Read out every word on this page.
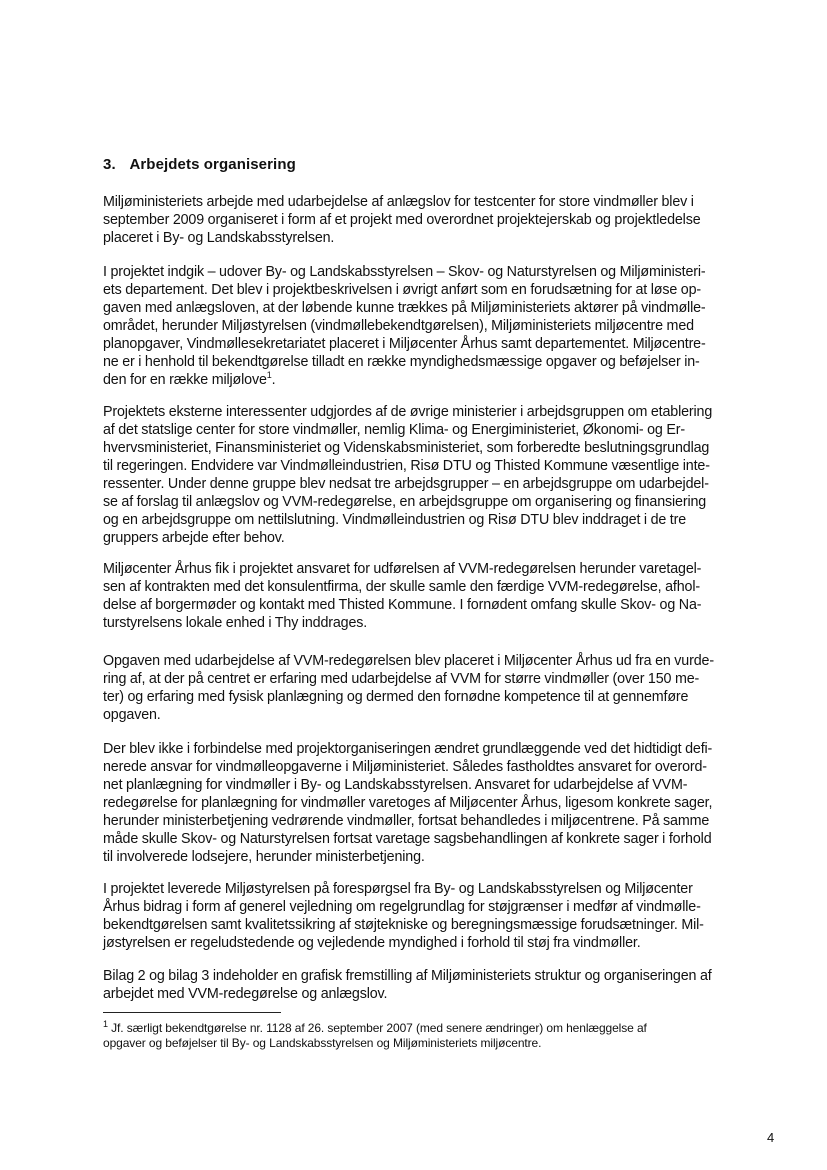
3. Arbejdets organisering

Miljøministeriets arbejde med udarbejdelse af anlægslov for testcenter for store vindmøller blev i
september 2009 organiseret i form af et projekt med overordnet projektejerskab og projektledelse
placeret i By- og Landskabsstyrelsen.

I projektet indgik – udover By- og Landskabsstyrelsen – Skov- og Naturstyrelsen og Miljøministeri-
ets departement. Det blev i projektbeskrivelsen i øvrigt anført som en forudsætning for at løse op-
gaven med anlægsloven, at der løbende kunne trækkes på Miljøministeriets aktører på vindmølle-
området, herunder Miljøstyrelsen (vindmøllebekendtgørelsen), Miljøministeriets miljøcentre med
planopgaver, Vindmøllesekretariatet placeret i Miljøcenter Århus samt departementet. Miljøcentre-
ne er i henhold til bekendtgørelse tilladt en række myndighedsmæssige opgaver og beføjelser in-
den for en række miljølove$^1$.

Projektets eksterne interessenter udgjordes af de øvrige ministerier i arbejdsgruppen om etablering
af det statslige center for store vindmøller, nemlig Klima- og Energiministeriet, Økonomi- og Er-
hvervsministeriet, Finansministeriet og Videnskabsministeriet, som forberedte beslutningsgrundlag
til regeringen. Endvidere var Vindmølleindustrien, Risø DTU og Thisted Kommune væsentlige inte-
ressenter. Under denne gruppe blev nedsat tre arbejdsgrupper – en arbejdsgruppe om udarbejdel-
se af forslag til anlægslov og VVM-redegørelse, en arbejdsgruppe om organisering og finansiering
og en arbejdsgruppe om nettilslutning. Vindmølleindustrien og Risø DTU blev inddraget i de tre
gruppers arbejde efter behov.

Miljøcenter Århus fik i projektet ansvaret for udførelsen af VVM-redegørelsen herunder varetagel-
sen af kontrakten med det konsulentfirma, der skulle samle den færdige VVM-redegørelse, afhol-
delse af borgermøder og kontakt med Thisted Kommune. I fornødent omfang skulle Skov- og Na-
turstyrelsens lokale enhed i Thy inddrages.

Opgaven med udarbejdelse af VVM-redegørelsen blev placeret i Miljøcenter Århus ud fra en vurde-
ring af, at der på centret er erfaring med udarbejdelse af VVM for større vindmøller (over 150 me-
ter) og erfaring med fysisk planlægning og dermed den fornødne kompetence til at gennemføre
opgaven.

Der blev ikke i forbindelse med projektorganiseringen ændret grundlæggende ved det hidtidigt defi-
nerede ansvar for vindmølleopgaverne i Miljøministeriet. Således fastholdtes ansvaret for overord-
net planlægning for vindmøller i By- og Landskabsstyrelsen. Ansvaret for udarbejdelse af VVM-
redegørelse for planlægning for vindmøller varetoges af Miljøcenter Århus, ligesom konkrete sager,
herunder ministerbetjening vedrørende vindmøller, fortsat behandledes i miljøcentrene. På samme
måde skulle Skov- og Naturstyrelsen fortsat varetage sagsbehandlingen af konkrete sager i forhold
til involverede lodsejere, herunder ministerbetjening.

I projektet leverede Miljøstyrelsen på forespørgsel fra By- og Landskabsstyrelsen og Miljøcenter
Århus bidrag i form af generel vejledning om regelgrundlag for støjgrænser i medfør af vindmølle-
bekendtgørelsen samt kvalitetssikring af støjtekniske og beregningsmæssige forudsætninger. Mil-
jøstyrelsen er regeludstedende og vejledende myndighed i forhold til støj fra vindmøller.

Bilag 2 og bilag 3 indeholder en grafisk fremstilling af Miljøministeriets struktur og organiseringen af
arbejdet med VVM-redegørelse og anlægslov.

$^1$ Jf. særligt bekendtgørelse nr. 1128 af 26. september 2007 (med senere ændringer) om henlæggelse af
opgaver og beføjelser til By- og Landskabsstyrelsen og Miljøministeriets miljøcentre.

4
